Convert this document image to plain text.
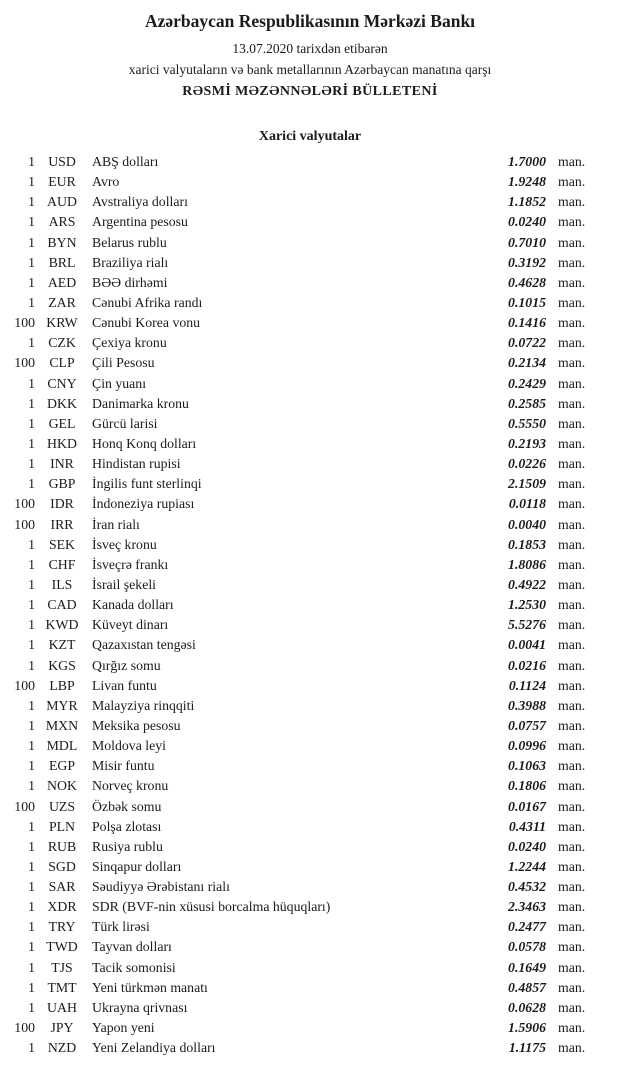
Azərbaycan Respublikasının Mərkəzi Bankı
13.07.2020 tarixdən etibarən
xarici valyutaların və bank metallarının Azərbaycan manatına qarşı
RƏSMİ MƏZƏNNƏLƏRİ BÜLLETENİ
Xarici valyutalar
1 USD	ABŞ dolları	1.7000 man.
1 EUR	Avro	1.9248 man.
1 AUD	Avstraliya dolları	1.1852 man.
1 ARS	Argentina pesosu	0.0240 man.
1 BYN	Belarus rublu	0.7010 man.
1 BRL	Braziliya rialı	0.3192 man.
1 AED	BƏƏ dirhəmi	0.4628 man.
1 ZAR	Cənubi Afrika randı	0.1015 man.
100 KRW	Cənubi Korea vonu	0.1416 man.
1 CZK	Çexiya kronu	0.0722 man.
100	CLP	Çili Pesosu	0.2134 man.
1 CNY	Çin yuanı	0.2429 man.
1 DKK	Danimarka kronu	0.2585 man.
1 GEL	Gürcü larisi	0.5550 man.
1 HKD	Honq Konq dolları	0.2193 man.
1	INR	Hindistan rupisi	0.0226 man.
1 GBP	İngilis funt sterlinqi	2.1509 man.
100	IDR	İndoneziya rupiası	0.0118 man.
100	IRR	İran rialı	0.0040 man.
1	SEK	İsveç kronu	0.1853 man.
1 CHF	İsveçrə frankı	1.8086 man.
1	ILS	İsrail şekeli	0.4922 man.
1 CAD	Kanada dolları	1.2530 man.
1 KWD Küveyt dinarı	5.5276 man.
1 KZT	Qazaxıstan tengəsi	0.0041 man.
1 KGS	Qırğız somu	0.0216 man.
100	LBP	Livan funtu	0.1124 man.
1 MYR	Malayziya rinqqiti	0.3988 man.
1 MXN	Meksika pesosu	0.0757 man.
1 MDL	Moldova leyi	0.0996 man.
1	EGP	Misir funtu	0.1063 man.
1 NOK	Norveç kronu	0.1806 man.
100	UZS	Özbək somu	0.0167 man.
1	PLN	Polşa zlotası	0.4311 man.
1 RUB	Rusiya rublu	0.0240 man.
1 SGD	Sinqapur dolları	1.2244 man.
1 SAR	Səudiyyə Ərəbistanı rialı	0.4532 man.
1 XDR	SDR (BVF-nin xüsusi borcalma hüquqları)	2.3463 man.
1 TRY	Türk lirəsi	0.2477 man.
1 TWD	Tayvan dolları	0.0578 man.
1	TJS	Tacik somonisi	0.1649 man.
1 TMT	Yeni türkmən manatı	0.4857 man.
1 UAH	Ukrayna qrivnası	0.0628 man.
100	JPY	Yapon yeni	1.5906 man.
1 NZD	Yeni Zelandiya dolları	1.1175 man.
